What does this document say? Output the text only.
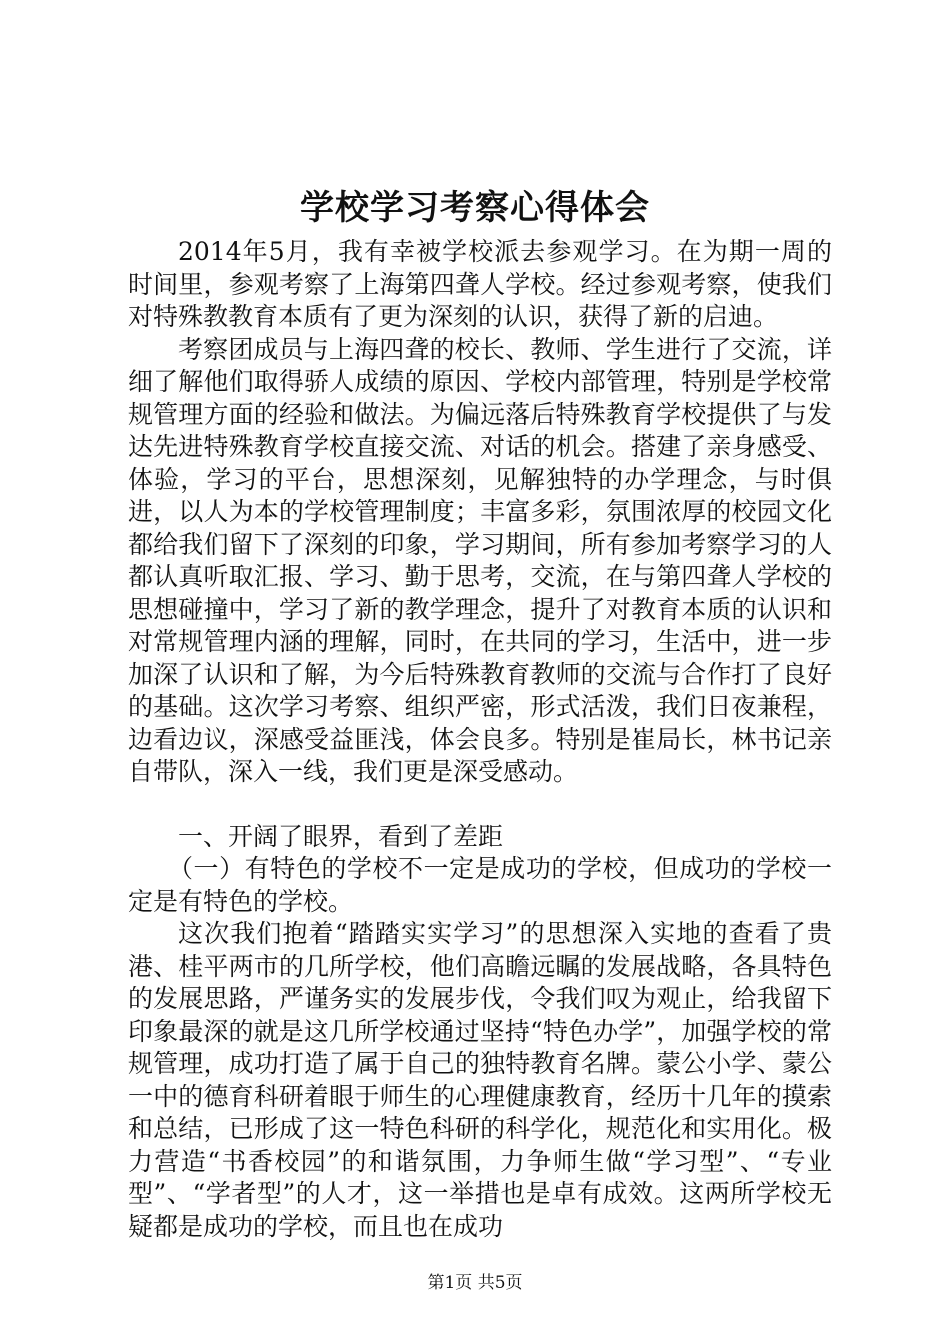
学校学习考察心得体会

2014年5月，我有幸被学校派去参观学习。在为期一周的时间里，参观考察了上海第四聋人学校。经过参观考察，使我们对特殊教教育本质有了更为深刻的认识，获得了新的启迪。

考察团成员与上海四聋的校长、教师、学生进行了交流，详细了解他们取得骄人成绩的原因、学校内部管理，特别是学校常规管理方面的经验和做法。为偏远落后特殊教育学校提供了与发达先进特殊教育学校直接交流、对话的机会。搭建了亲身感受、体验，学习的平台，思想深刻，见解独特的办学理念，与时俱进，以人为本的学校管理制度；丰富多彩，氛围浓厚的校园文化都给我们留下了深刻的印象，学习期间，所有参加考察学习的人都认真听取汇报、学习、勤于思考，交流，在与第四聋人学校的思想碰撞中，学习了新的教学理念，提升了对教育本质的认识和对常规管理内涵的理解，同时，在共同的学习，生活中，进一步加深了认识和了解，为今后特殊教育教师的交流与合作打了良好的基础。这次学习考察、组织严密，形式活泼，我们日夜兼程，边看边议，深感受益匪浅，体会良多。特别是崔局长，林书记亲自带队，深入一线，我们更是深受感动。

一、开阔了眼界，看到了差距

（一）有特色的学校不一定是成功的学校，但成功的学校一定是有特色的学校。

这次我们抱着“踏踏实实学习”的思想深入实地的查看了贵港、桂平两市的几所学校，他们高瞻远瞩的发展战略，各具特色的发展思路，严谨务实的发展步伐，令我们叹为观止，给我留下印象最深的就是这几所学校通过坚持“特色办学”，加强学校的常规管理，成功打造了属于自己的独特教育名牌。蒙公小学、蒙公一中的德育科研着眼于师生的心理健康教育，经历十几年的摸索和总结，已形成了这一特色科研的科学化，规范化和实用化。极力营造“书香校园”的和谐氛围，力争师生做“学习型”、“专业型”、“学者型”的人才，这一举措也是卓有成效。这两所学校无疑都是成功的学校，而且也在成功

第1页 共5页
